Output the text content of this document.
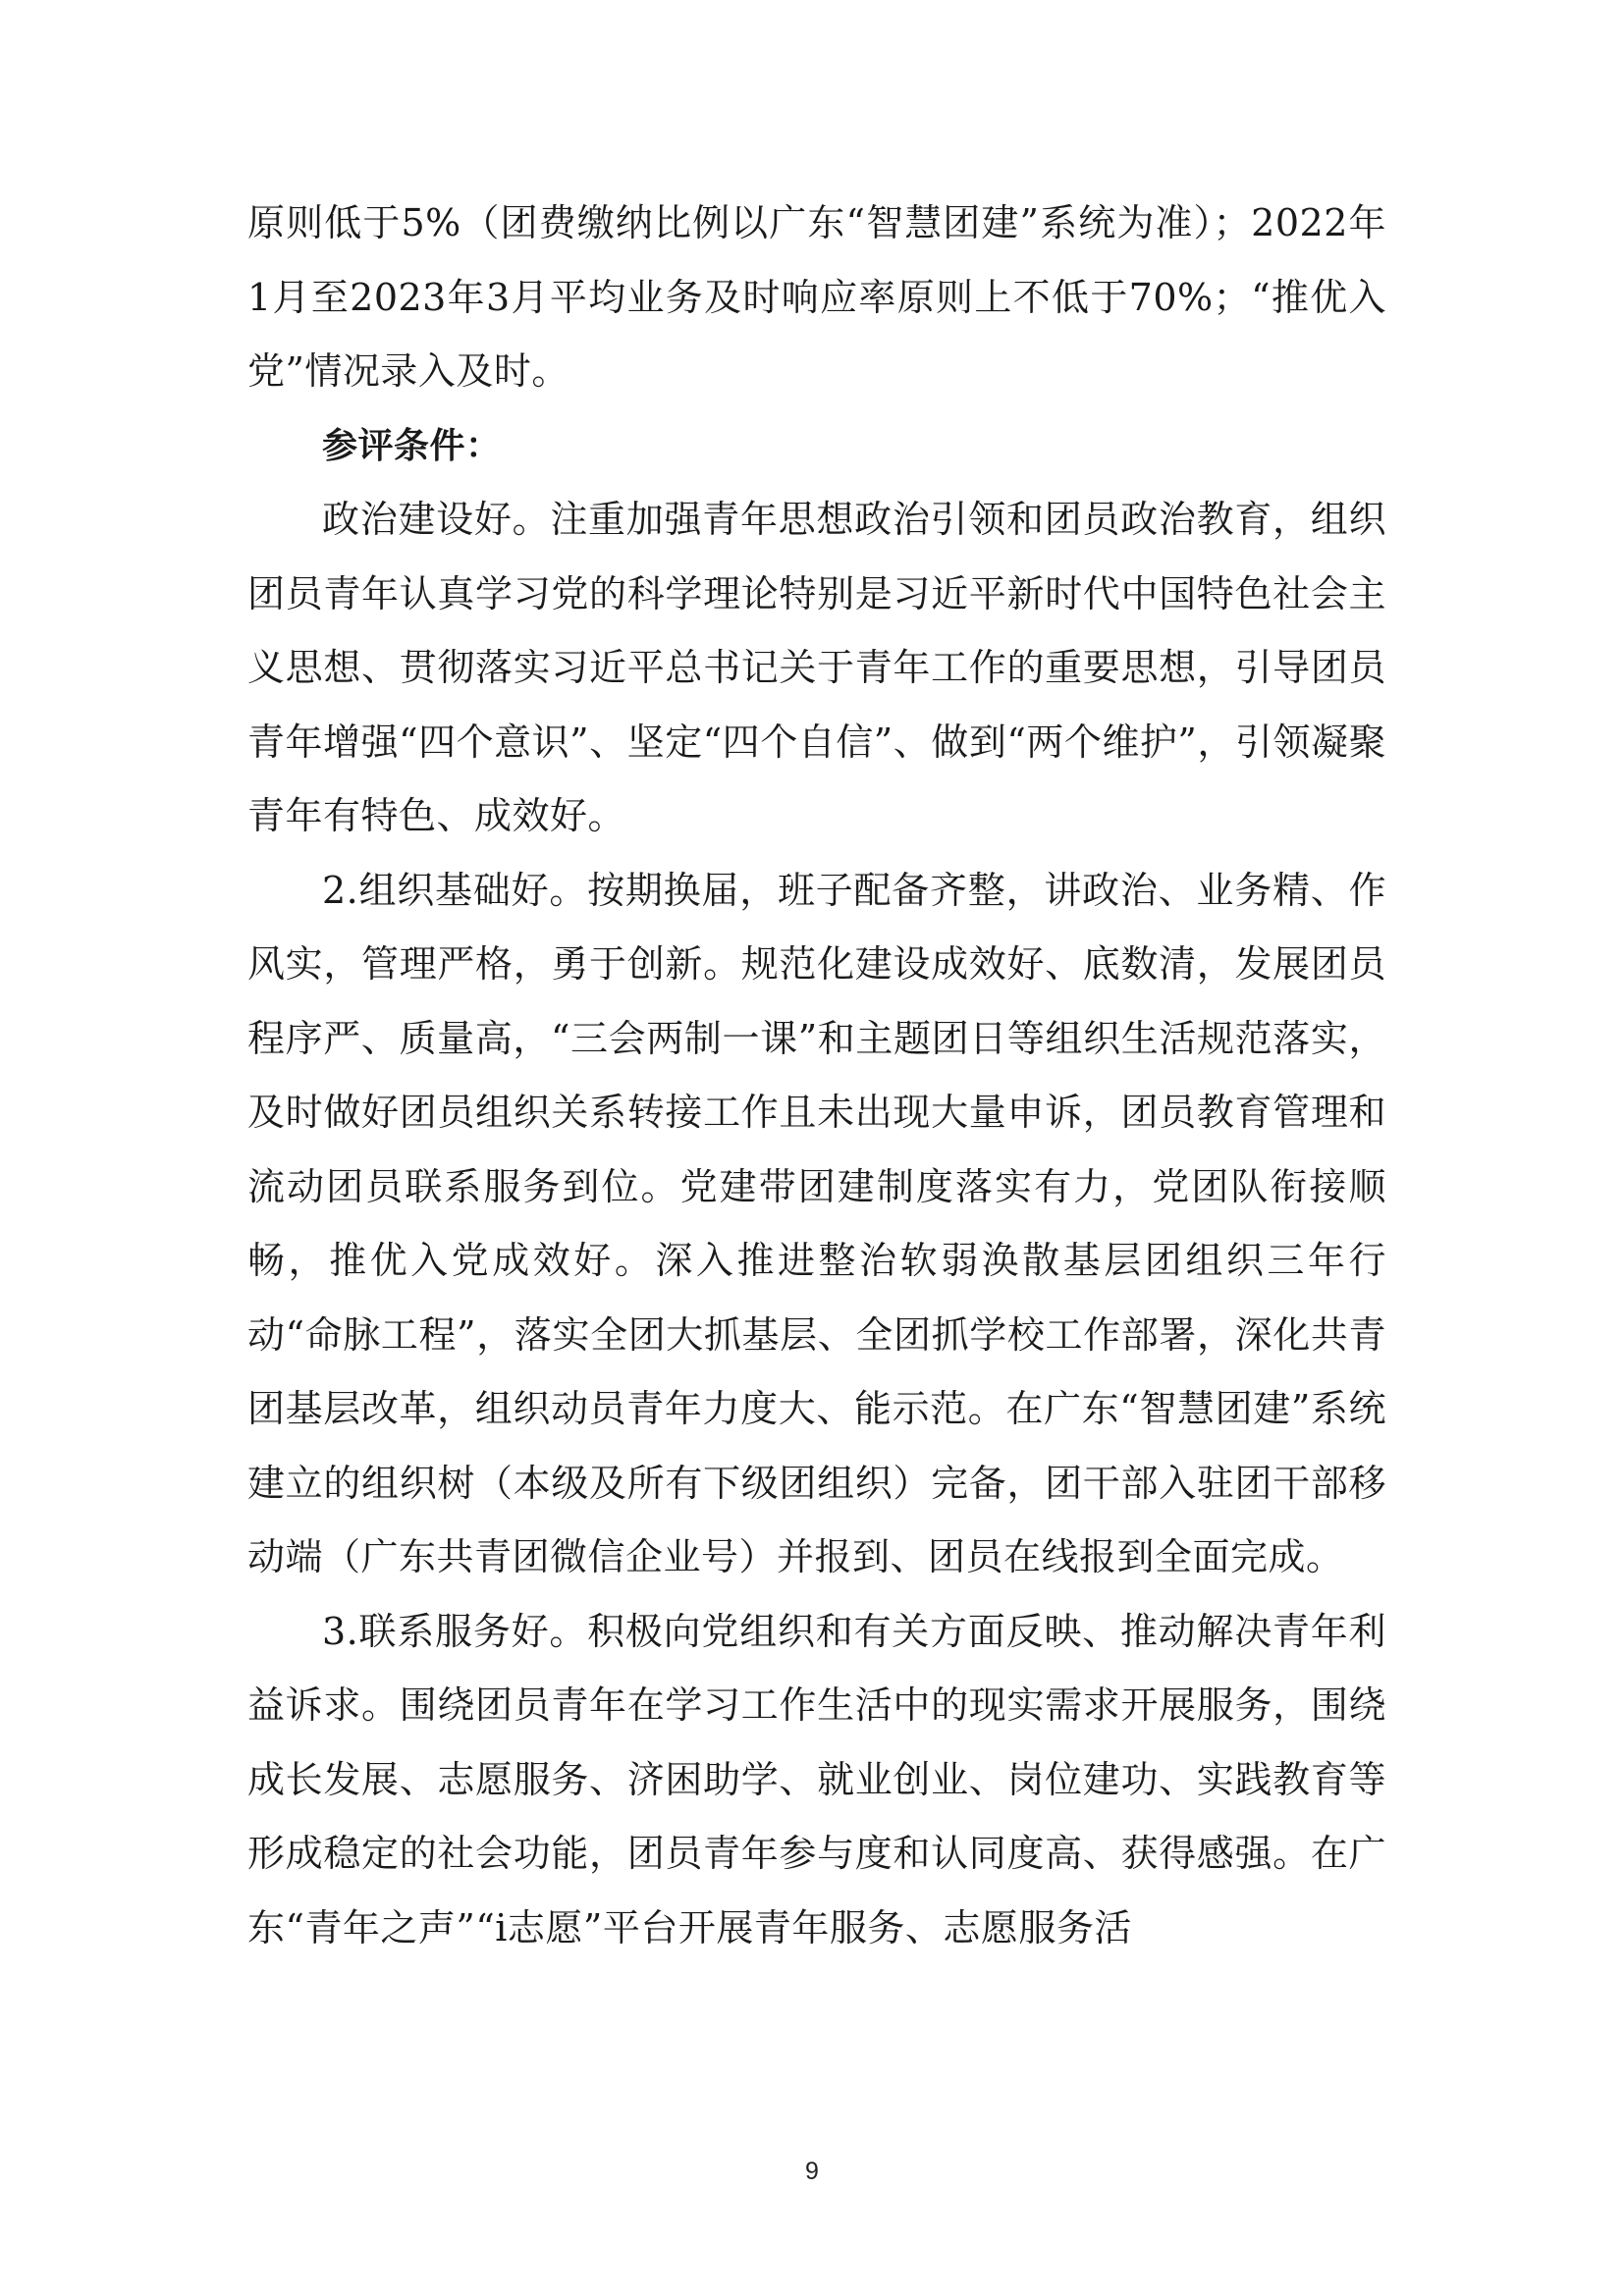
原则低于5%（团费缴纳比例以广东“智慧团建”系统为准）；2022年1月至2023年3月平均业务及时响应率原则上不低于70%；“推优入党”情况录入及时。

参评条件：

政治建设好。注重加强青年思想政治引领和团员政治教育，组织团员青年认真学习党的科学理论特别是习近平新时代中国特色社会主义思想、贯彻落实习近平总书记关于青年工作的重要思想，引导团员青年增强“四个意识”、坚定“四个自信”、做到“两个维护”，引领凝聚青年有特色、成效好。

2.组织基础好。按期换届，班子配备齐整，讲政治、业务精、作风实，管理严格，勇于创新。规范化建设成效好、底数清，发展团员程序严、质量高，“三会两制一课”和主题团日等组织生活规范落实，及时做好团员组织关系转接工作且未出现大量申诉，团员教育管理和流动团员联系服务到位。党建带团建制度落实有力，党团队衔接顺畅，推优入党成效好。深入推进整治软弱涣散基层团组织三年行动“命脉工程”，落实全团大抓基层、全团抓学校工作部署，深化共青团基层改革，组织动员青年力度大、能示范。在广东“智慧团建”系统建立的组织树（本级及所有下级团组织）完备，团干部入驻团干部移动端（广东共青团微信企业号）并报到、团员在线报到全面完成。

3.联系服务好。积极向党组织和有关方面反映、推动解决青年利益诉求。围绕团员青年在学习工作生活中的现实需求开展服务，围绕成长发展、志愿服务、济困助学、就业创业、岗位建功、实践教育等形成稳定的社会功能，团员青年参与度和认同度高、获得感强。在广东“青年之声”“i志愿”平台开展青年服务、志愿服务活

9
